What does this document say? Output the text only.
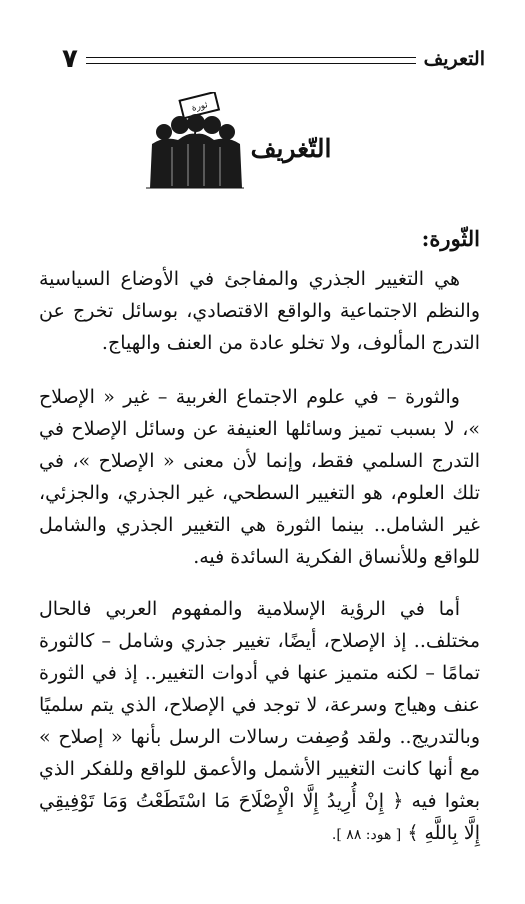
التعريف
٧
ثورة
التّغريف
الثّورة:

هي التغيير الجذري والمفاجئ في الأوضاع السياسية والنظم الاجتماعية والواقع الاقتصادي، بوسائل تخرج عن التدرج المألوف، ولا تخلو عادة من العنف والهياج.

والثورة – في علوم الاجتماع الغربية – غير « الإصلاح »، لا بسبب تميز وسائلها العنيفة عن وسائل الإصلاح في التدرج السلمي فقط، وإنما لأن معنى « الإصلاح »، في تلك العلوم، هو التغيير السطحي، غير الجذري، والجزئي، غير الشامل.. بينما الثورة هي التغيير الجذري والشامل للواقع وللأنساق الفكرية السائدة فيه.

أما في الرؤية الإسلامية والمفهوم العربي فالحال مختلف.. إذ الإصلاح، أيضًا، تغيير جذري وشامل – كالثورة تمامًا – لكنه متميز عنها في أدوات التغيير.. إذ في الثورة عنف وهياج وسرعة، لا توجد في الإصلاح، الذي يتم سلميًا وبالتدريج.. ولقد وُصِفت رسالات الرسل بأنها « إصلاح » مع أنها كانت التغيير الأشمل والأعمق للواقع وللفكر الذي بعثوا فيه ﴿ إِنْ أُرِيدُ إِلَّا الْإِصْلَاحَ مَا اسْتَطَعْتُ وَمَا تَوْفِيقِي إِلَّا بِاللَّهِ ﴾ [ هود: ٨٨ ].
